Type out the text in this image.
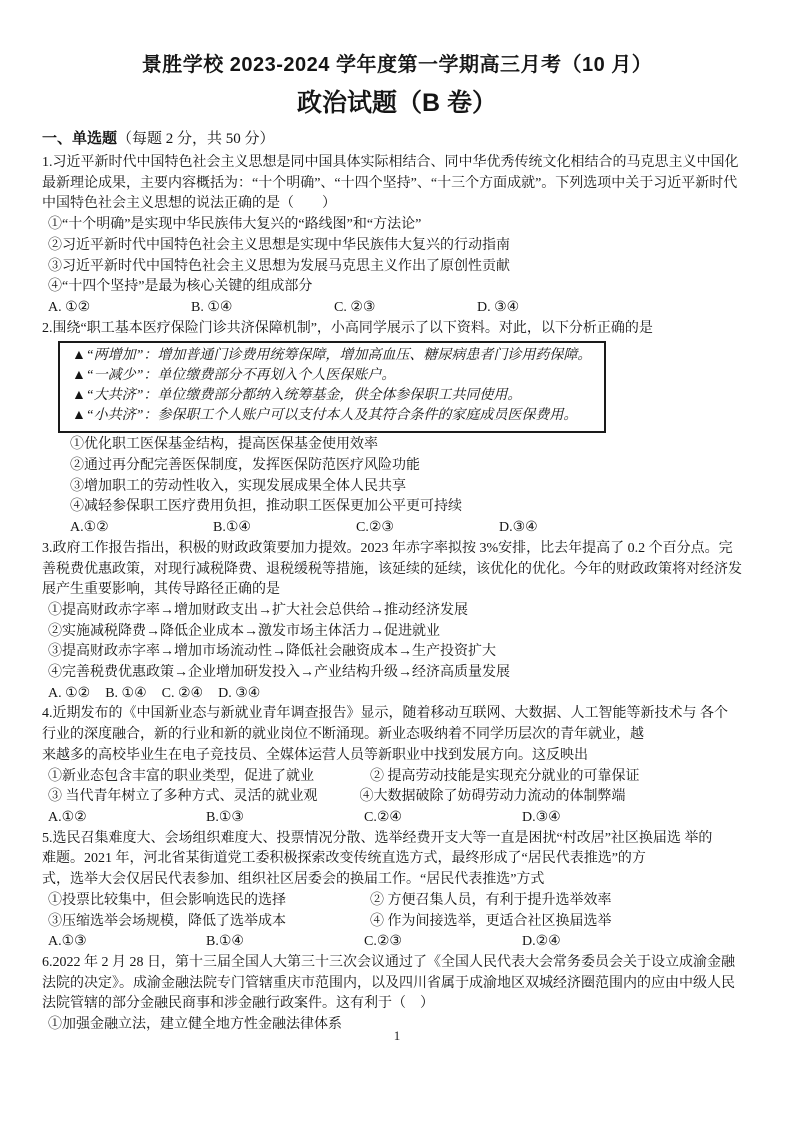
景胜学校 2023-2024 学年度第一学期高三月考（10 月）
政治试题（B 卷）
一、单选题（每题 2 分，共 50 分）
1.习近平新时代中国特色社会主义思想是同中国具体实际相结合、同中华优秀传统文化相结合的马克思主义中国化
最新理论成果，主要内容概括为：“十个明确”、“十四个坚持”、“十三个方面成就”。下列选项中关于习近平新时代
中国特色社会主义思想的说法正确的是（　　）
①“十个明确”是实现中华民族伟大复兴的“路线图”和“方法论”
②习近平新时代中国特色社会主义思想是实现中华民族伟大复兴的行动指南
③习近平新时代中国特色社会主义思想为发展马克思主义作出了原创性贡献
④“十四个坚持”是最为核心关键的组成部分
A. ①②	B. ①④	C. ②③	D. ③④
2.围绕“职工基本医疗保险门诊共济保障机制”，小高同学展示了以下资料。对此，以下分析正确的是
▲“两增加”：增加普通门诊费用统筹保障，增加高血压、糖尿病患者门诊用药保障。
▲“一减少”：单位缴费部分不再划入个人医保账户。
▲“大共济”：单位缴费部分都纳入统筹基金，供全体参保职工共同使用。
▲“小共济”：参保职工个人账户可以支付本人及其符合条件的家庭成员医保费用。
①优化职工医保基金结构，提高医保基金使用效率
②通过再分配完善医保制度，发挥医保防范医疗风险功能
③增加职工的劳动性收入，实现发展成果全体人民共享
④减轻参保职工医疗费用负担，推动职工医保更加公平更可持续
A.①②	B.①④	C.②③	D.③④
3.政府工作报告指出，积极的财政政策要加力提效。2023 年赤字率拟按 3%安排，比去年提高了 0.2 个百分点。完
善税费优惠政策，对现行减税降费、退税缓税等措施，该延续的延续，该优化的优化。今年的财政政策将对经济发
展产生重要影响，其传导路径正确的是
①提高财政赤字率→增加财政支出→扩大社会总供给→推动经济发展
②实施减税降费→降低企业成本→激发市场主体活力→促进就业
③提高财政赤字率→增加市场流动性→降低社会融资成本→生产投资扩大
④完善税费优惠政策→企业增加研发投入→产业结构升级→经济高质量发展
A. ①② B. ①④ C. ②④ D. ③④
4.近期发布的《中国新业态与新就业青年调查报告》显示，随着移动互联网、大数据、人工智能等新技术与 各个
行业的深度融合，新的行业和新的就业岗位不断涌现。新业态吸纳着不同学历层次的青年就业，越
来越多的高校毕业生在电子竞技员、全媒体运营人员等新职业中找到发展方向。这反映出
①新业态包含丰富的职业类型，促进了就业　　　　② 提高劳动技能是实现充分就业的可靠保证
③ 当代青年树立了多种方式、灵活的就业观　　　④大数据破除了妨碍劳动力流动的体制弊端
A.①②	B.①③	C.②④	D.③④
5.选民召集难度大、会场组织难度大、投票情况分散、选举经费开支大等一直是困扰“村改居”社区换届选 举的
难题。2021 年，河北省某街道党工委积极探索改变传统直选方式，最终形成了“居民代表推选”的方
式，选举大会仅居民代表参加、组织社区居委会的换届工作。“居民代表推选”方式
①投票比较集中，但会影响选民的选择　　　　　　② 方便召集人员，有利于提升选举效率
③压缩选举会场规模，降低了选举成本　　　　　　④ 作为间接选举，更适合社区换届选举
A.①③	B.①④	C.②③	D.②④
6.2022 年 2 月 28 日，第十三届全国人大第三十三次会议通过了《全国人民代表大会常务委员会关于设立成渝金融
法院的决定》。成渝金融法院专门管辖重庆市范围内，以及四川省属于成渝地区双城经济圈范围内的应由中级人民
法院管辖的部分金融民商事和涉金融行政案件。这有利于（　）
①加强金融立法，建立健全地方性金融法律体系
1
